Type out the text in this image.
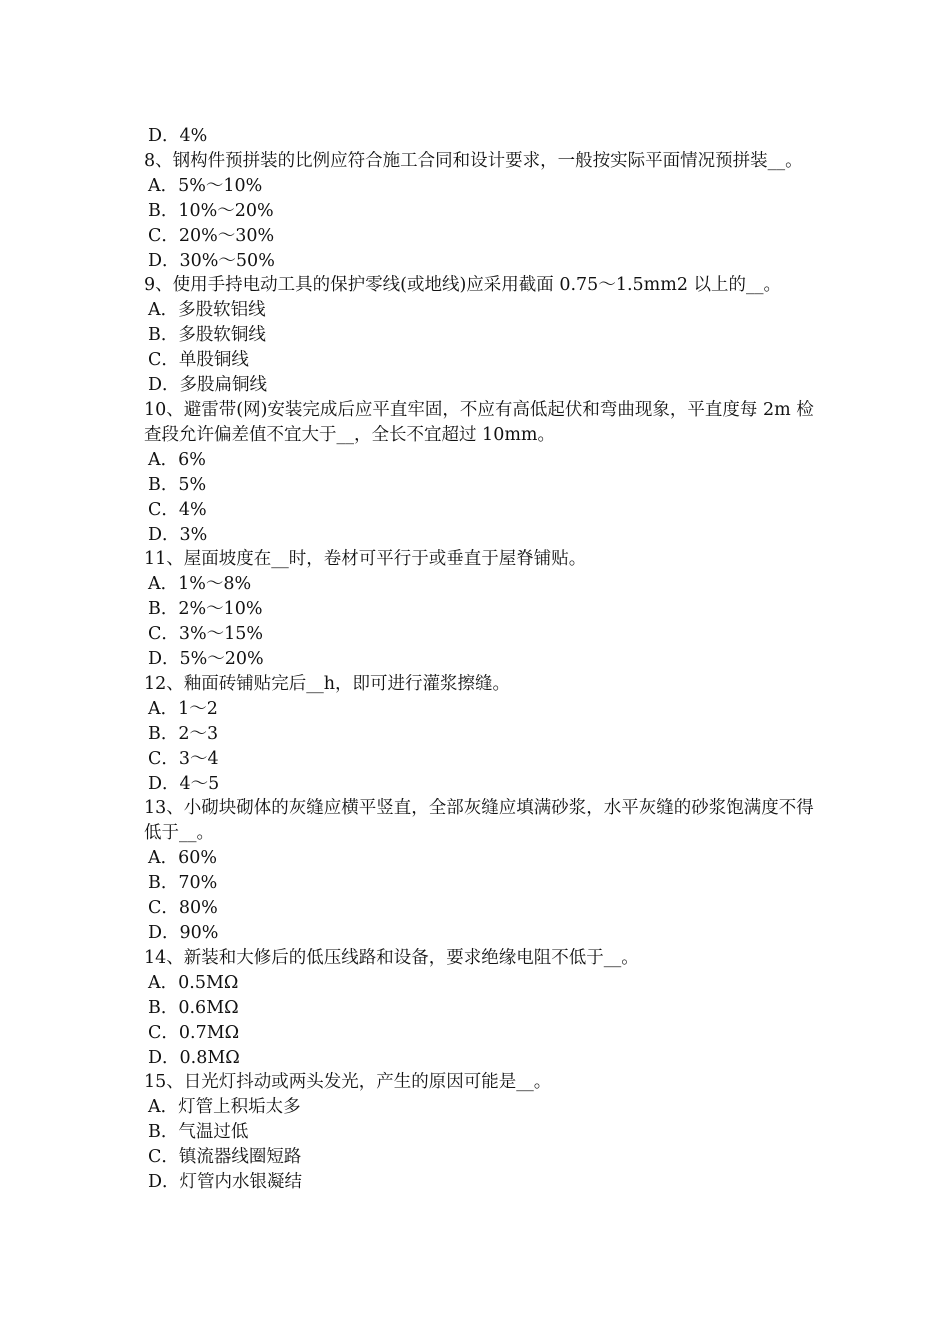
D．4%
8、钢构件预拼装的比例应符合施工合同和设计要求，一般按实际平面情况预拼装__。
A．5%～10%
B．10%～20%
C．20%～30%
D．30%～50%
9、使用手持电动工具的保护零线(或地线)应采用截面 0.75～1.5mm2 以上的__。
A．多股软铝线
B．多股软铜线
C．单股铜线
D．多股扁铜线
10、避雷带(网)安装完成后应平直牢固，不应有高低起伏和弯曲现象，平直度每 2m 检查段允许偏差值不宜大于__，全长不宜超过 10mm。
A．6%
B．5%
C．4%
D．3%
11、屋面坡度在__时，卷材可平行于或垂直于屋脊铺贴。
A．1%～8%
B．2%～10%
C．3%～15%
D．5%～20%
12、釉面砖铺贴完后__h，即可进行灌浆擦缝。
A．1～2
B．2～3
C．3～4
D．4～5
13、小砌块砌体的灰缝应横平竖直，全部灰缝应填满砂浆，水平灰缝的砂浆饱满度不得低于__。
A．60%
B．70%
C．80%
D．90%
14、新装和大修后的低压线路和设备，要求绝缘电阻不低于__。
A．0.5MΩ
B．0.6MΩ
C．0.7MΩ
D．0.8MΩ
15、日光灯抖动或两头发光，产生的原因可能是__。
A．灯管上积垢太多
B．气温过低
C．镇流器线圈短路
D．灯管内水银凝结
